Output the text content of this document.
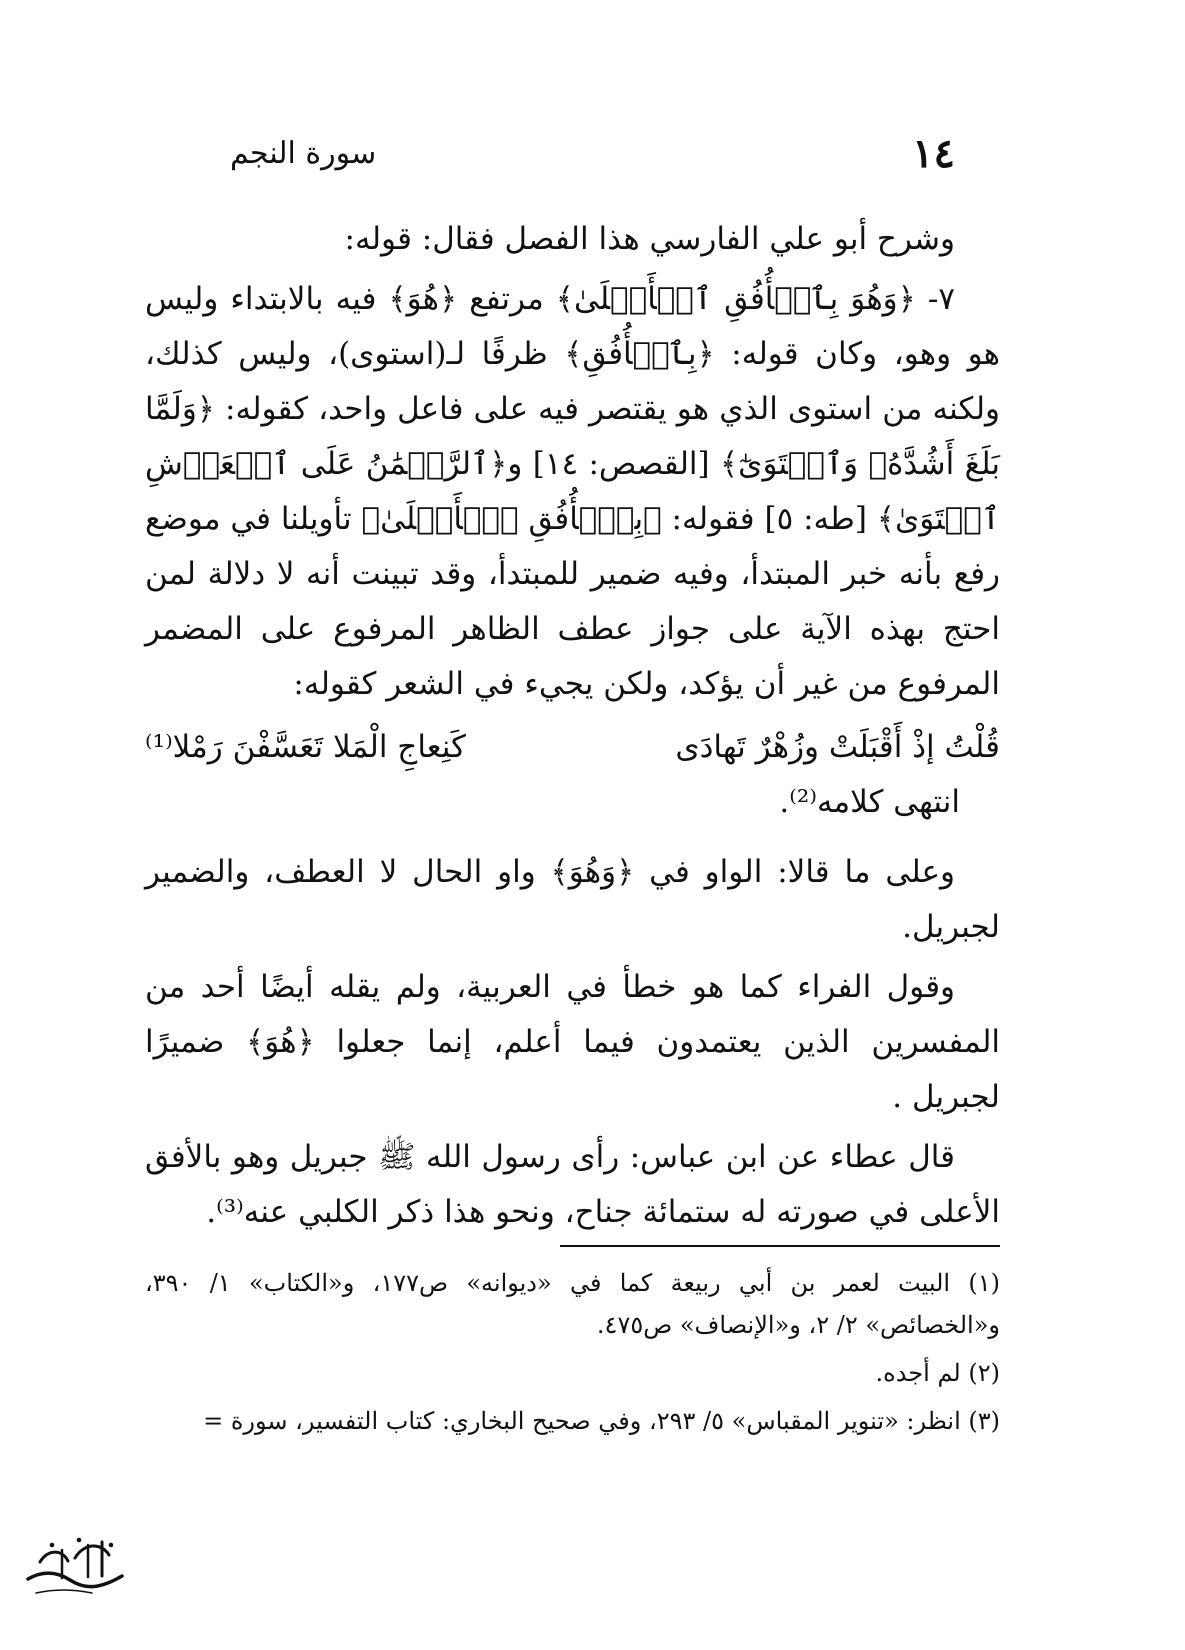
سورة النجم	١٤

وشرح أبو علي الفارسي هذا الفصل فقال: قوله:

٧- ﴿وَهُوَ بِٱلۡأُفُقِ ٱلۡأَعۡلَىٰ﴾ مرتفع ﴿هُوَ﴾ فيه بالابتداء وليس هو وهو، وكان قوله: ﴿بِٱلۡأُفُقِ﴾ ظرفًا لـ(استوى)، وليس كذلك، ولكنه من استوى الذي هو يقتصر فيه على فاعل واحد، كقوله: ﴿وَلَمَّا بَلَغَ أَشُدَّهُۥ وَٱسۡتَوَىٰٓ﴾ [القصص: ١٤] و﴿ٱلرَّحۡمَٰنُ عَلَى ٱلۡعَرۡشِ ٱسۡتَوَىٰ﴾ [طه: ٥] فقوله: ﴿بِٱلۡأُفُقِ ٱلۡأَعۡلَىٰ﴾ تأويلنا في موضع رفع بأنه خبر المبتدأ، وفيه ضمير للمبتدأ، وقد تبينت أنه لا دلالة لمن احتج بهذه الآية على جواز عطف الظاهر المرفوع على المضمر المرفوع من غير أن يؤكد، ولكن يجيء في الشعر كقوله:

قُلْتُ إذْ أَقْبَلَتْ وزُهْرٌ تَهادَى
كَنِعاجِ الْمَلا تَعَسَّفْنَ رَمْلا⁽¹⁾

انتهى كلامه⁽²⁾.

وعلى ما قالا: الواو في ﴿وَهُوَ﴾ واو الحال لا العطف، والضمير لجبريل.

وقول الفراء كما هو خطأ في العربية، ولم يقله أيضًا أحد من المفسرين الذين يعتمدون فيما أعلم، إنما جعلوا ﴿هُوَ﴾ ضميرًا لجبريل .

قال عطاء عن ابن عباس: رأى رسول الله ﷺ جبريل وهو بالأفق الأعلى في صورته له ستمائة جناح، ونحو هذا ذكر الكلبي عنه⁽³⁾.

(١) البيت لعمر بن أبي ربيعة كما في «ديوانه» ص١٧٧، و«الكتاب» ١/ ٣٩٠، و«الخصائص» ٢/ ٢، و«الإنصاف» ص٤٧٥.

(٢) لم أجده.

(٣) انظر: «تنوير المقباس» ٥/ ٢٩٣، وفي صحيح البخاري: كتاب التفسير، سورة =
